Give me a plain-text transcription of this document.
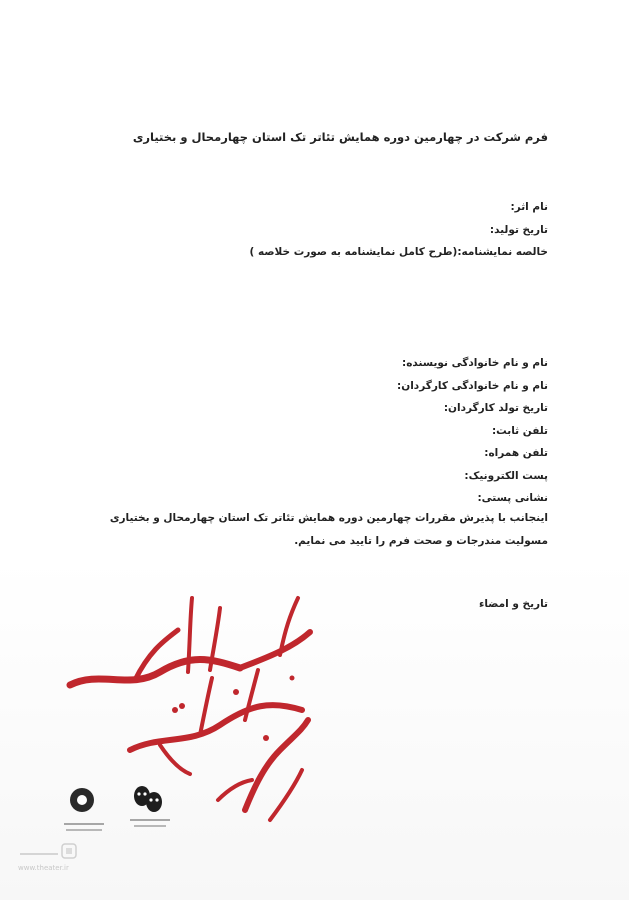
فرم شرکت در چهارمین دوره همایش تئاتر تک استان چهارمحال و بختیاری
نام اثر:
تاریخ تولید:
خالصه نمایشنامه:(طرح کامل نمایشنامه به صورت خلاصه )
نام و نام خانوادگی نویسنده:
نام و نام خانوادگی کارگردان:
تاریخ تولد کارگردان:
تلفن ثابت:
تلفن همراه:
پست الکترونیک:
نشانی پستی:
اینجانب با پذیرش مقررات چهارمین دوره همایش تئاتر تک استان چهارمحال و بختیاری
مسولیت مندرجات و صحت فرم را تایید می نمایم.
تاریخ و امضاء
www.theater.ir
